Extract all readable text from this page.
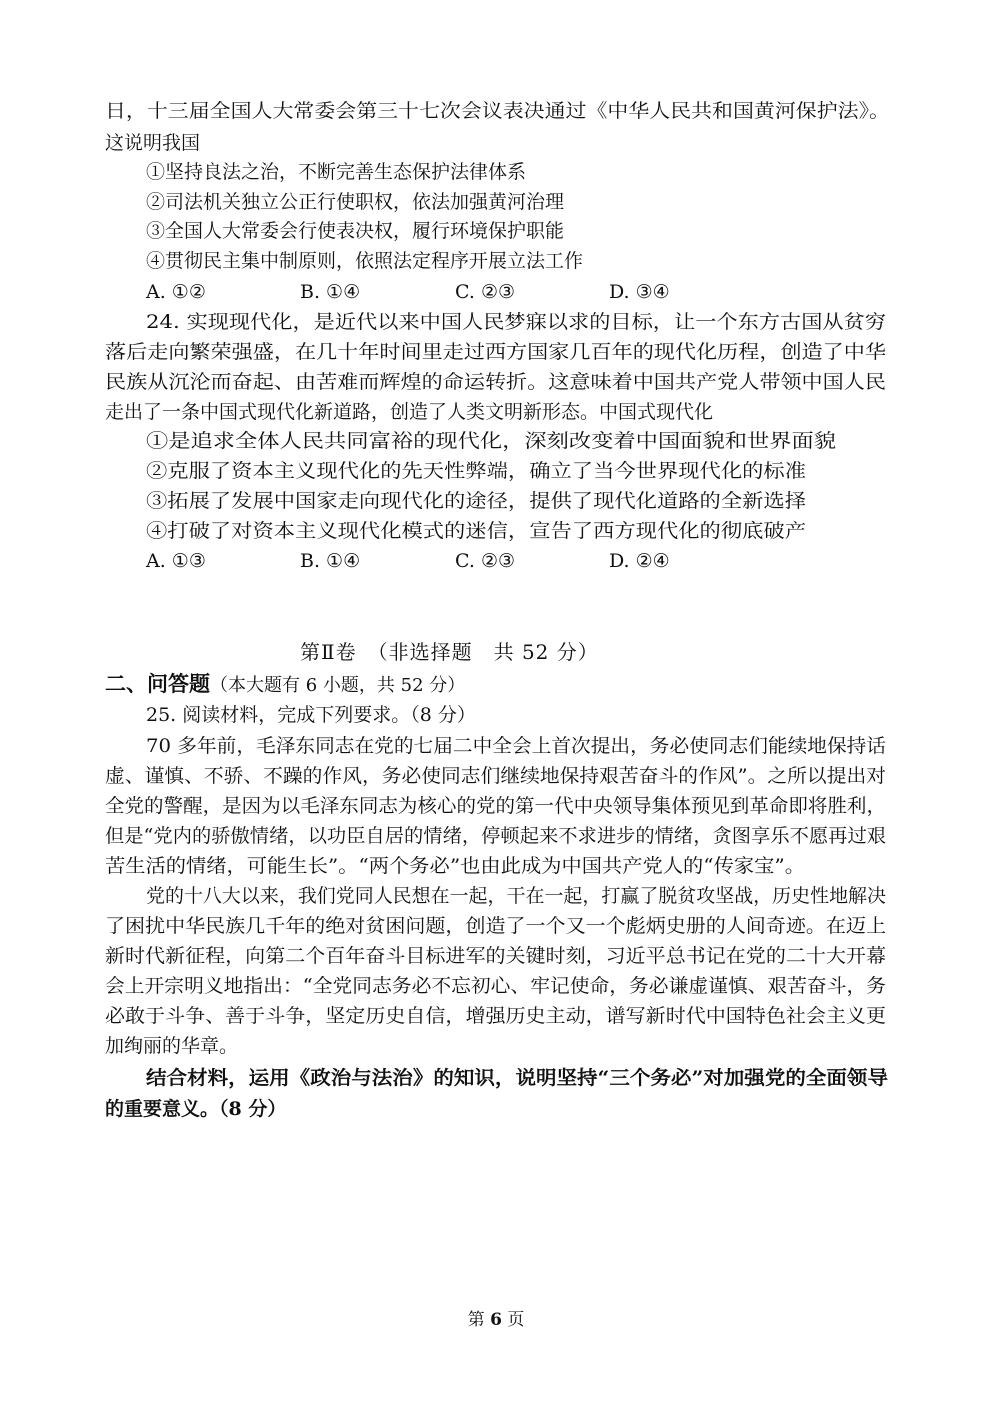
日，十三届全国人大常委会第三十七次会议表决通过《中华人民共和国黄河保护法》。
这说明我国
①坚持良法之治，不断完善生态保护法律体系
②司法机关独立公正行使职权，依法加强黄河治理
③全国人大常委会行使表决权，履行环境保护职能
④贯彻民主集中制原则，依照法定程序开展立法工作
A. ①②	B. ①④	C. ②③	D. ③④
24. 实现现代化，是近代以来中国人民梦寐以求的目标，让一个东方古国从贫穷
落后走向繁荣强盛，在几十年时间里走过西方国家几百年的现代化历程，创造了中华
民族从沉沦而奋起、由苦难而辉煌的命运转折。这意味着中国共产党人带领中国人民
走出了一条中国式现代化新道路，创造了人类文明新形态。中国式现代化
①是追求全体人民共同富裕的现代化，深刻改变着中国面貌和世界面貌
②克服了资本主义现代化的先天性弊端，确立了当今世界现代化的标准
③拓展了发展中国家走向现代化的途径，提供了现代化道路的全新选择
④打破了对资本主义现代化模式的迷信，宣告了西方现代化的彻底破产
A. ①③	B. ①④	C. ②③	D. ②④
第Ⅱ卷　（非选择题　共 52 分）
二、问答题（本大题有 6 小题，共 52 分）
25. 阅读材料，完成下列要求。（8 分）
70 多年前，毛泽东同志在党的七届二中全会上首次提出，务必使同志们能续地保持话
虚、谨慎、不骄、不躁的作风，务必使同志们继续地保持艰苦奋斗的作风”。之所以提出对
全党的警醒，是因为以毛泽东同志为核心的党的第一代中央领导集体预见到革命即将胜利，
但是“党内的骄傲情绪，以功臣自居的情绪，停顿起来不求进步的情绪，贪图享乐不愿再过艰
苦生活的情绪，可能生长”。“两个务必”也由此成为中国共产党人的“传家宝”。
党的十八大以来，我们党同人民想在一起，干在一起，打赢了脱贫攻坚战，历史性地解决
了困扰中华民族几千年的绝对贫困问题，创造了一个又一个彪炳史册的人间奇迹。在迈上
新时代新征程，向第二个百年奋斗目标进军的关键时刻，习近平总书记在党的二十大开幕
会上开宗明义地指出：“全党同志务必不忘初心、牢记使命，务必谦虚谨慎、艰苦奋斗，务
必敢于斗争、善于斗争，坚定历史自信，增强历史主动，谱写新时代中国特色社会主义更
加绚丽的华章。
结合材料，运用《政治与法治》的知识，说明坚持“三个务必”对加强党的全面领导
的重要意义。（8 分）
第 6 页
